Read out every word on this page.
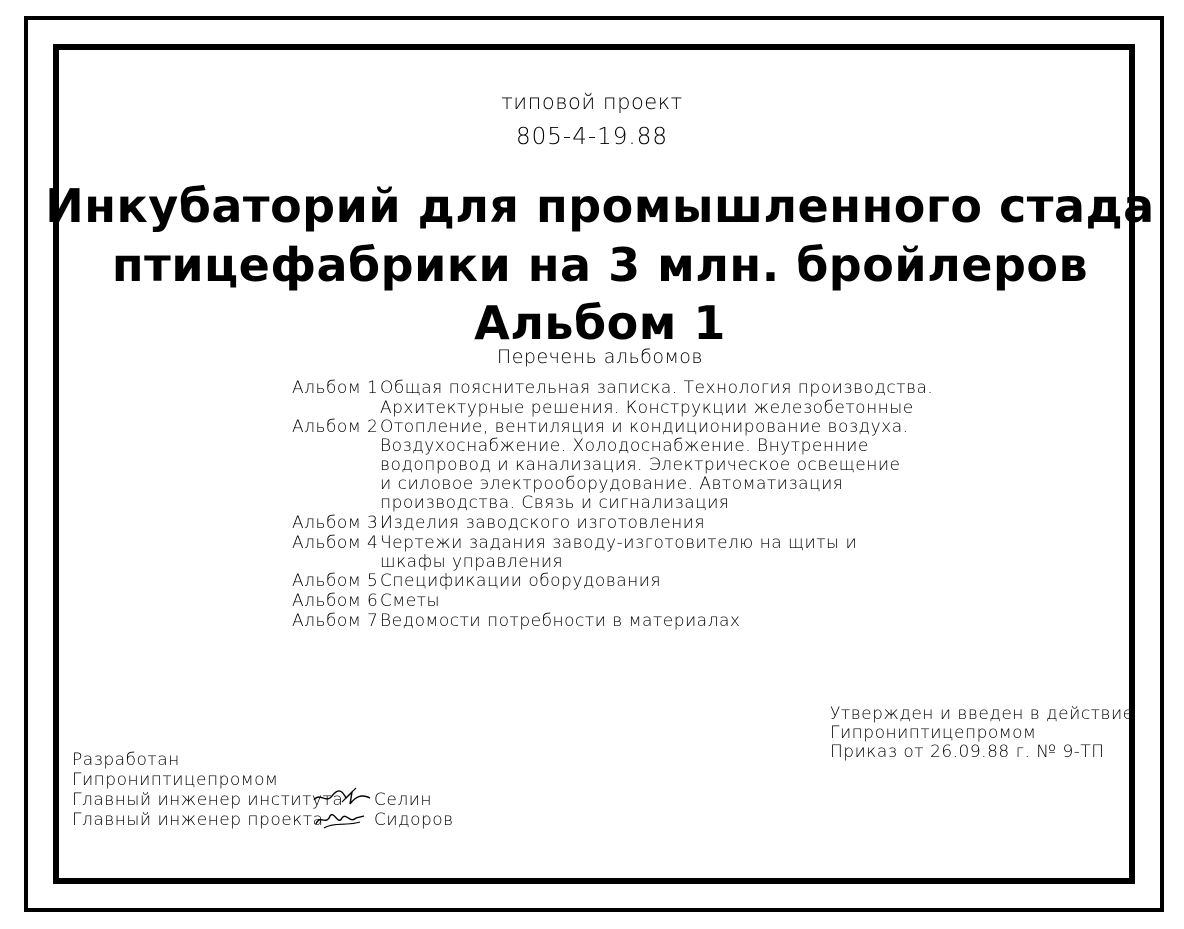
типовой проект
805-4-19.88
Инкубаторий для промышленного стада
птицефабрики на 3 млн. бройлеров
Альбом 1
Перечень альбомов
Альбом 1 Общая пояснительная записка. Технология производства.
Архитектурные решения. Конструкции железобетонные
Альбом 2 Отопление, вентиляция и кондиционирование воздуха.
Воздухоснабжение. Холодоснабжение. Внутренние
водопровод и канализация. Электрическое освещение
и силовое электрооборудование. Автоматизация
производства. Связь и сигнализация
Альбом 3 Изделия заводского изготовления
Альбом 4 Чертежи задания заводу-изготовителю на щиты и
шкафы управления
Альбом 5 Спецификации оборудования
Альбом 6 Сметы
Альбом 7 Ведомости потребности в материалах
Утвержден и введен в действие
Гипрониптицепромом
Приказ от 26.09.88 г. № 9-ТП
Разработан
Гипрониптицепромом
Главный инженер института Селин
Главный инженер проекта	Сидоров
